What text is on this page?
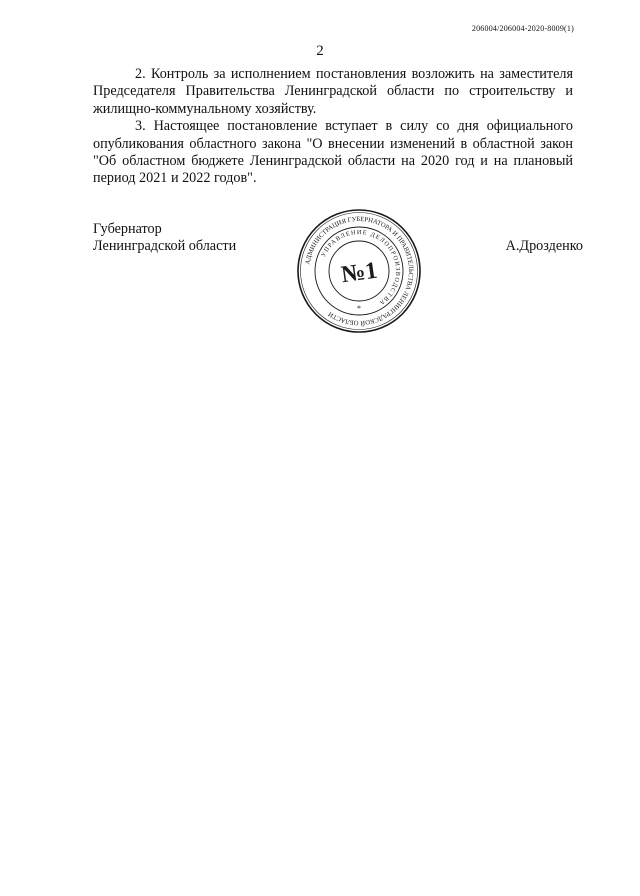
206004/206004-2020-8009(1)
2

2. Контроль за исполнением постановления возложить на заместителя Председателя Правительства Ленинградской области по строительству и жилищно-коммунальному хозяйству.

3. Настоящее постановление вступает в силу со дня официального опубликования областного закона "О внесении изменений в областной закон "Об областном бюджете Ленинградской области на 2020 год и на плановый период 2021 и 2022 годов".

Губернатор
Ленинградской области	А.Дрозденко
АДМИНИСТРАЦИЯ ГУБЕРНАТОРА И ПРАВИТЕЛЬСТВА ЛЕНИНГРАДСКОЙ ОБЛАСТИ
УПРАВЛЕНИЕ ДЕЛОПРОИЗВОДСТВА
№1
*
